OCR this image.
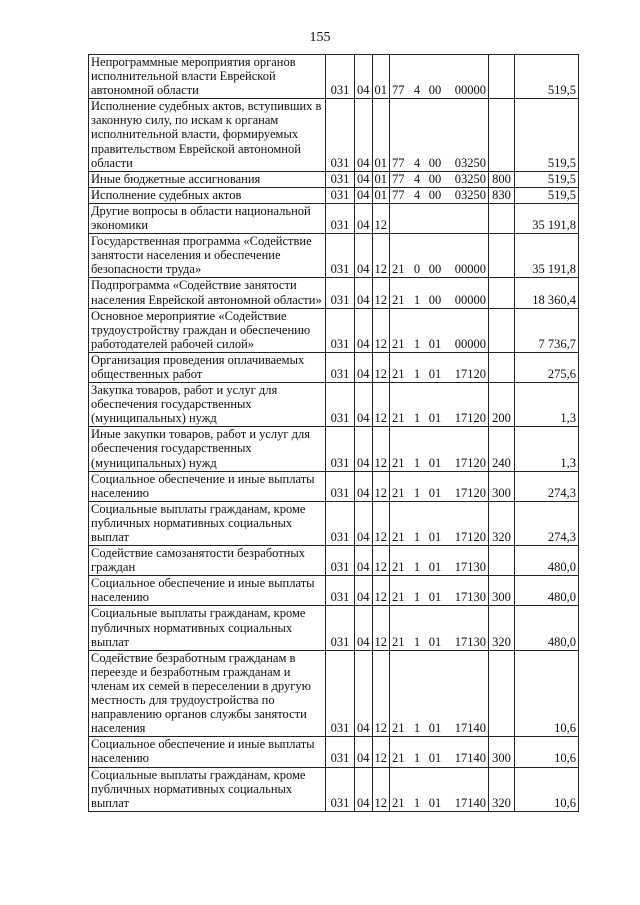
155
Непрограммные мероприятия органов исполнительной власти Еврейской автономной области	031	04	01	77 4 00 00000		519,5
Исполнение судебных актов, вступивших в законную силу, по искам к органам исполнительной власти, формируемых правительством Еврейской автономной области	031	04	01	77 4 00 03250		519,5
Иные бюджетные ассигнования	031	04	01	77 4 00 03250	800	519,5
Исполнение судебных актов	031	04	01	77 4 00 03250	830	519,5
Другие вопросы в области национальной экономики	031	04	12			35 191,8
Государственная программа «Содействие занятости населения и обеспечение безопасности труда»	031	04	12	21 0 00 00000		35 191,8
Подпрограмма «Содействие занятости населения Еврейской автономной области»	031	04	12	21 1 00 00000		18 360,4
Основное мероприятие «Содействие трудоустройству граждан и обеспечению работодателей рабочей силой»	031	04	12	21 1 01 00000		7 736,7
Организация проведения оплачиваемых общественных работ	031	04	12	21 1 01 17120		275,6
Закупка товаров, работ и услуг для обеспечения государственных (муниципальных) нужд	031	04	12	21 1 01 17120	200	1,3
Иные закупки товаров, работ и услуг для обеспечения государственных (муниципальных) нужд	031	04	12	21 1 01 17120	240	1,3
Социальное обеспечение и иные выплаты населению	031	04	12	21 1 01 17120	300	274,3
Социальные выплаты гражданам, кроме публичных нормативных социальных выплат	031	04	12	21 1 01 17120	320	274,3
Содействие самозанятости безработных граждан	031	04	12	21 1 01 17130		480,0
Социальное обеспечение и иные выплаты населению	031	04	12	21 1 01 17130	300	480,0
Социальные выплаты гражданам, кроме публичных нормативных социальных выплат	031	04	12	21 1 01 17130	320	480,0
Содействие безработным гражданам в переезде и безработным гражданам и членам их семей в переселении в другую местность для трудоустройства по направлению органов службы занятости населения	031	04	12	21 1 01 17140		10,6
Социальное обеспечение и иные выплаты населению	031	04	12	21 1 01 17140	300	10,6
Социальные выплаты гражданам, кроме публичных нормативных социальных выплат	031	04	12	21 1 01 17140	320	10,6
